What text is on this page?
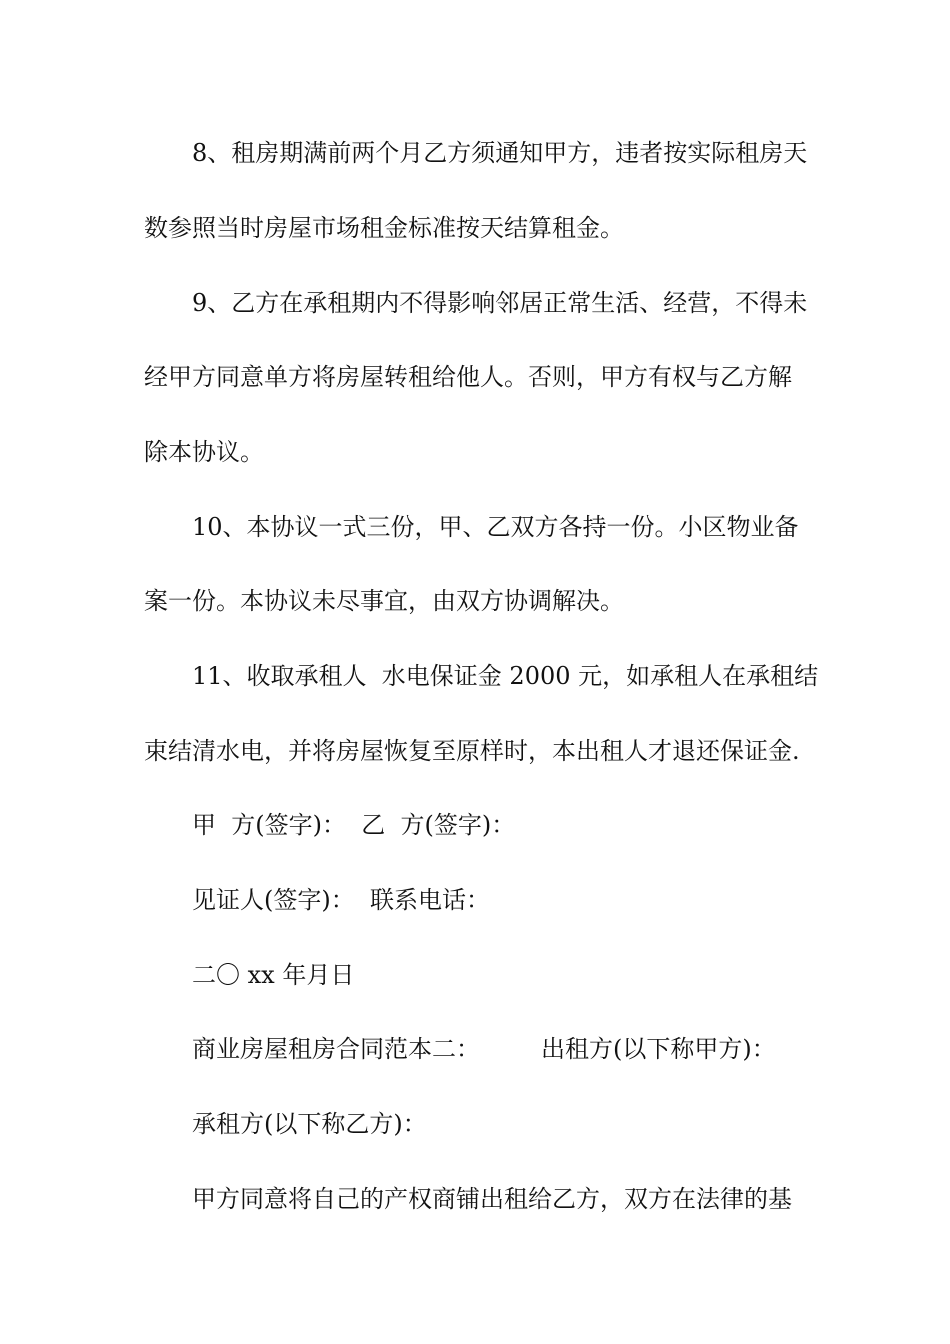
8、租房期满前两个月乙方须通知甲方，违者按实际租房天

数参照当时房屋市场租金标准按天结算租金。

9、乙方在承租期内不得影响邻居正常生活、经营，不得未

经甲方同意单方将房屋转租给他人。否则，甲方有权与乙方解

除本协议。

10、本协议一式三份，甲、乙双方各持一份。小区物业备

案一份。本协议未尽事宜，由双方协调解决。

11、收取承租人  水电保证金 2000 元，如承租人在承租结

束结清水电，并将房屋恢复至原样时，本出租人才退还保证金.

甲  方(签字)：  乙  方(签字)：

见证人(签字)：  联系电话：

二〇 xx 年月日

商业房屋租房合同范本二：        出租方(以下称甲方)：

承租方(以下称乙方)：

甲方同意将自己的产权商铺出租给乙方，双方在法律的基
